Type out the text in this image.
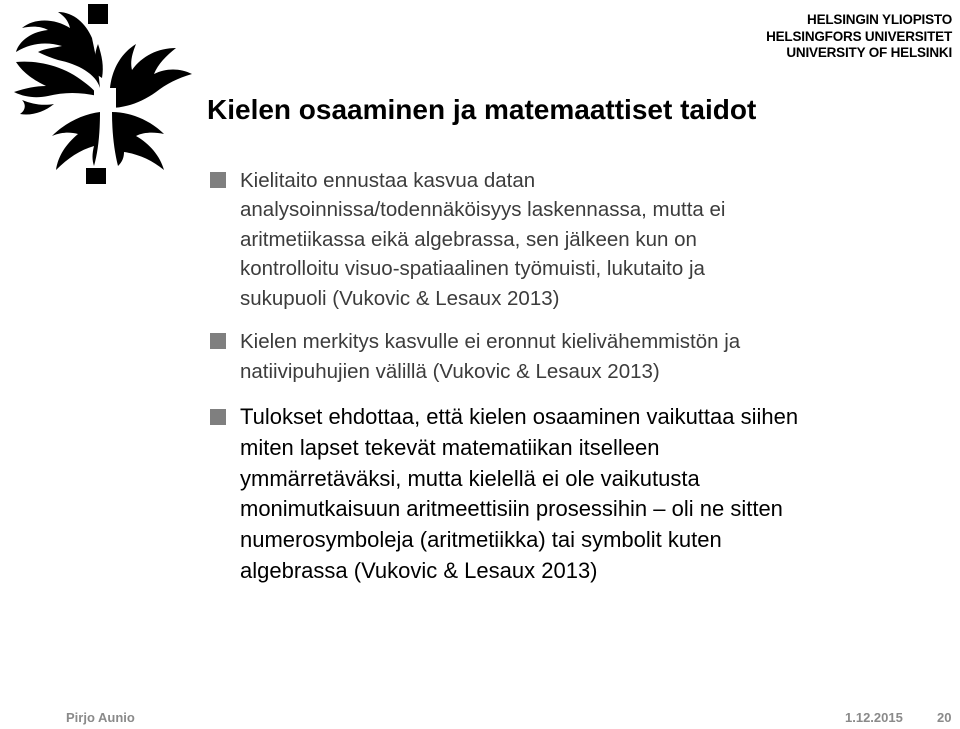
HELSINGIN YLIOPISTO
HELSINGFORS UNIVERSITET
UNIVERSITY OF HELSINKI
Kielen osaaminen ja matemaattiset taidot
Kielitaito ennustaa kasvua datan
analysoinnissa/todennäköisyys laskennassa, mutta ei
aritmetiikassa eikä algebrassa, sen jälkeen kun on
kontrolloitu visuo-spatiaalinen työmuisti, lukutaito ja
sukupuoli (Vukovic & Lesaux 2013)
Kielen merkitys kasvulle ei eronnut kielivähemmistön ja
natiivipuhujien välillä (Vukovic & Lesaux 2013)
Tulokset ehdottaa, että kielen osaaminen vaikuttaa siihen
miten lapset tekevät matematiikan itselleen
ymmärretäväksi, mutta kielellä ei ole vaikutusta
monimutkaisuun aritmeettisiin prosessihin – oli ne sitten
numerosymboleja (aritmetiikka) tai symbolit kuten
algebrassa (Vukovic & Lesaux 2013)
Pirjo Aunio	1.12.2015	20
